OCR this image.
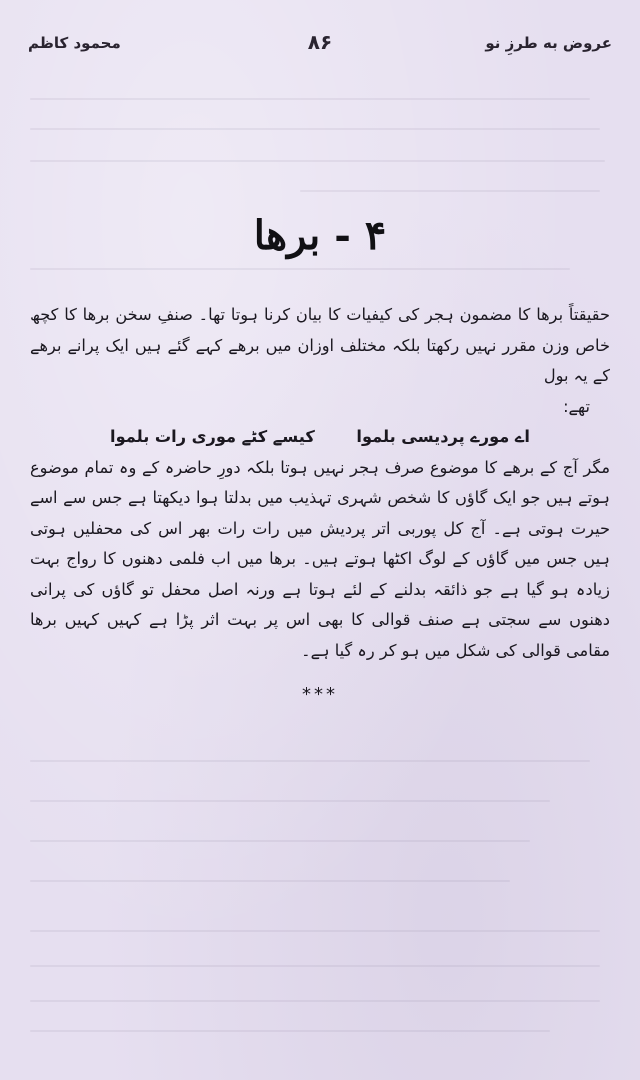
محمود کاظم	۸۶	عروض به طرزِ نو
۴ - برھا

حقیقتاً برھا کا مضمون ہجر کی کیفیات کا بیان کرنا ہوتا تھا۔ صنفِ سخن برھا کا کچھ خاص وزن مقرر نہیں رکھتا بلکہ مختلف اوزان میں برھے کہے گئے ہیں ایک پرانے برھے کے یہ بول

تھے:

اے مورے پردیسی بلموا کیسے کٹے موری رات بلموا

مگر آج کے برھے کا موضوع صرف ہجر نہیں ہوتا بلکہ دورِ حاضرہ کے وہ تمام موضوع ہوتے ہیں جو ایک گاؤں کا شخص شہری تہذیب میں بدلتا ہوا دیکھتا ہے جس سے اسے حیرت ہوتی ہے۔ آج کل پوربی اتر پردیش میں رات رات بھر اس کی محفلیں ہوتی ہیں جس میں گاؤں کے لوگ اکٹھا ہوتے ہیں۔ برھا میں اب فلمی دھنوں کا رواج بہت زیادہ ہو گیا ہے جو ذائقہ بدلنے کے لئے ہوتا ہے ورنہ اصل محفل تو گاؤں کی پرانی دھنوں سے سجتی ہے صنف قوالی کا بھی اس پر بہت اثر پڑا ہے کہیں کہیں برھا مقامی قوالی کی شکل میں ہو کر رہ گیا ہے۔

***
